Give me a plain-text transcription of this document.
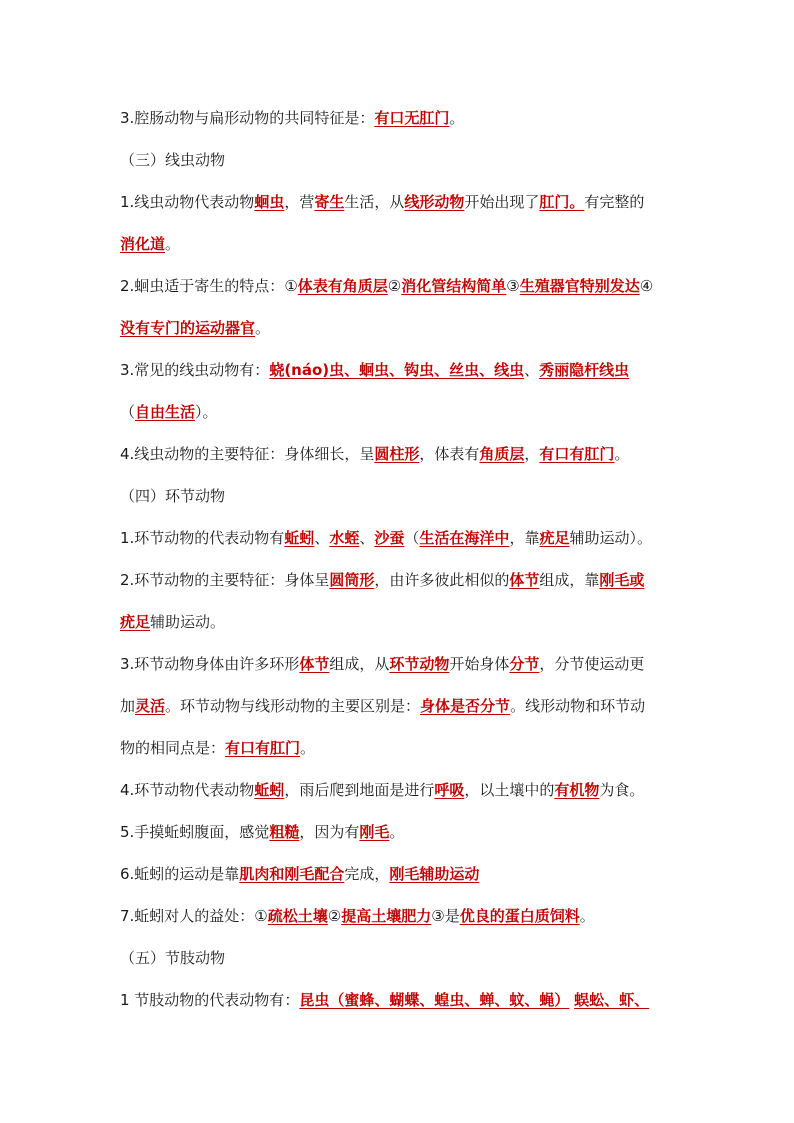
3.腔肠动物与扁形动物的共同特征是：有口无肛门。
（三）线虫动物
1.线虫动物代表动物蛔虫，营寄生生活，从线形动物开始出现了肛门。有完整的
消化道。
2.蛔虫适于寄生的特点：①体表有角质层②消化管结构简单③生殖器官特别发达④
没有专门的运动器官。
3.常见的线虫动物有：蛲(náo)虫、蛔虫、钩虫、丝虫、线虫、秀丽隐杆线虫
（自由生活）。
4.线虫动物的主要特征：身体细长，呈圆柱形，体表有角质层，有口有肛门。
（四）环节动物
1.环节动物的代表动物有蚯蚓、水蛭、沙蚕（生活在海洋中，靠疣足辅助运动）。
2.环节动物的主要特征：身体呈圆筒形，由许多彼此相似的体节组成，靠刚毛或
疣足辅助运动。
3.环节动物身体由许多环形体节组成，从环节动物开始身体分节，分节使运动更
加灵活。环节动物与线形动物的主要区别是：身体是否分节。线形动物和环节动
物的相同点是：有口有肛门。
4.环节动物代表动物蚯蚓，雨后爬到地面是进行呼吸，以土壤中的有机物为食。
5.手摸蚯蚓腹面，感觉粗糙，因为有刚毛。
6.蚯蚓的运动是靠肌肉和刚毛配合完成，刚毛辅助运动
7.蚯蚓对人的益处：①疏松土壤②提高土壤肥力③是优良的蛋白质饲料。
（五）节肢动物
1 节肢动物的代表动物有：昆虫（蜜蜂、蝴蝶、蝗虫、蝉、蚊、蝇） 蜈蚣、虾、
